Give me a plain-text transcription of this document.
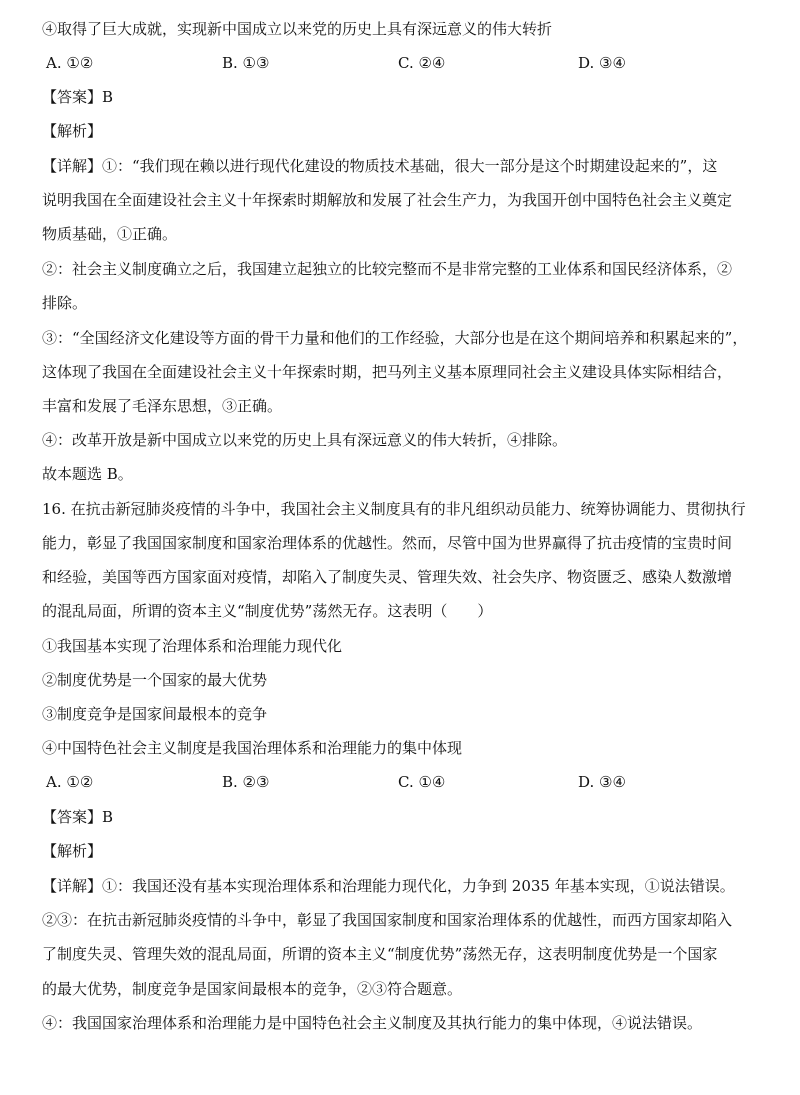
④取得了巨大成就，实现新中国成立以来党的历史上具有深远意义的伟大转折
A. ①②	B. ①③	C. ②④	D. ③④
【答案】B
【解析】
【详解】①：“我们现在赖以进行现代化建设的物质技术基础，很大一部分是这个时期建设起来的”，这
说明我国在全面建设社会主义十年探索时期解放和发展了社会生产力，为我国开创中国特色社会主义奠定
物质基础，①正确。
②：社会主义制度确立之后，我国建立起独立的比较完整而不是非常完整的工业体系和国民经济体系，②
排除。
③：“全国经济文化建设等方面的骨干力量和他们的工作经验，大部分也是在这个期间培养和积累起来的”，
这体现了我国在全面建设社会主义十年探索时期，把马列主义基本原理同社会主义建设具体实际相结合，
丰富和发展了毛泽东思想，③正确。
④：改革开放是新中国成立以来党的历史上具有深远意义的伟大转折，④排除。
故本题选 B。
16. 在抗击新冠肺炎疫情的斗争中，我国社会主义制度具有的非凡组织动员能力、统筹协调能力、贯彻执行
能力，彰显了我国国家制度和国家治理体系的优越性。然而，尽管中国为世界赢得了抗击疫情的宝贵时间
和经验，美国等西方国家面对疫情，却陷入了制度失灵、管理失效、社会失序、物资匮乏、感染人数激增
的混乱局面，所谓的资本主义“制度优势”荡然无存。这表明（　　）
①我国基本实现了治理体系和治理能力现代化
②制度优势是一个国家的最大优势
③制度竞争是国家间最根本的竞争
④中国特色社会主义制度是我国治理体系和治理能力的集中体现
A. ①②	B. ②③	C. ①④	D. ③④
【答案】B
【解析】
【详解】①：我国还没有基本实现治理体系和治理能力现代化，力争到 2035 年基本实现，①说法错误。
②③：在抗击新冠肺炎疫情的斗争中，彰显了我国国家制度和国家治理体系的优越性，而西方国家却陷入
了制度失灵、管理失效的混乱局面，所谓的资本主义“制度优势”荡然无存，这表明制度优势是一个国家
的最大优势，制度竞争是国家间最根本的竞争，②③符合题意。
④：我国国家治理体系和治理能力是中国特色社会主义制度及其执行能力的集中体现，④说法错误。
